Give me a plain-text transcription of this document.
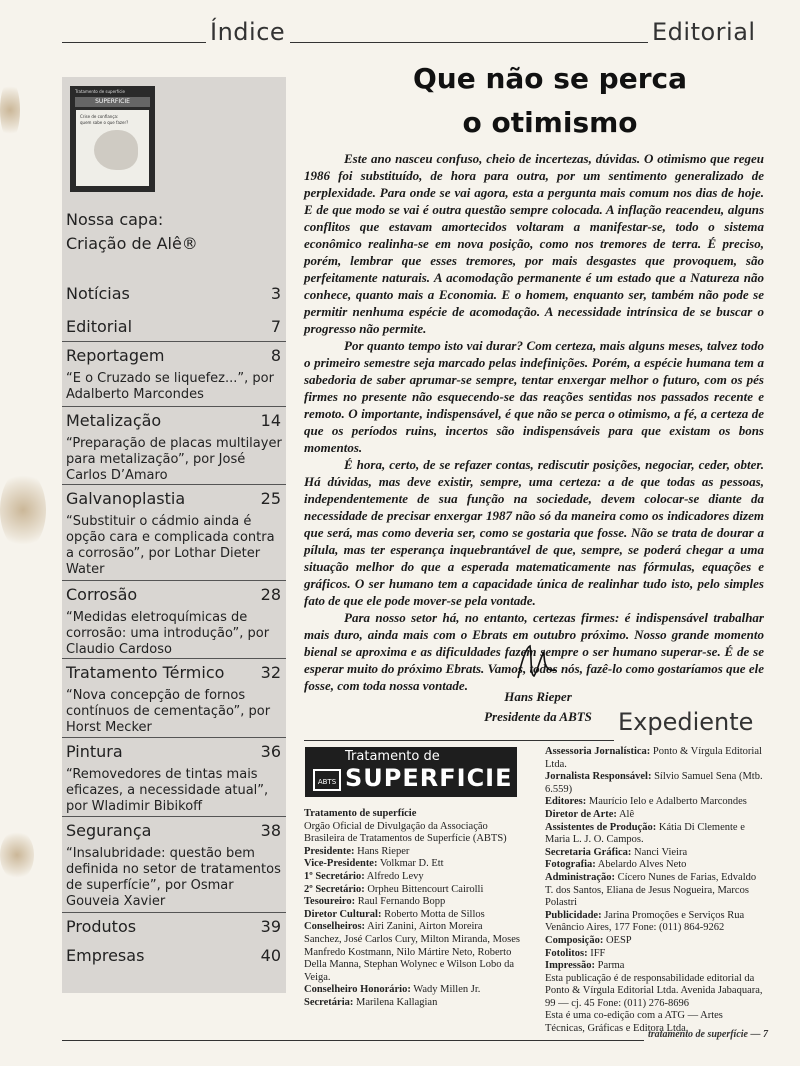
Índice	Editorial
Tratamento de superfície
SUPERFICIE
Crise de confiança:
quem sabe o que fazer?
Nossa capa:
Criação de Alê®
Notícias	3
Editorial	7
Reportagem	8
“E o Cruzado se liquefez...”, por Adalberto Marcondes
Metalização	14
“Preparação de placas multilayer para metalização”, por José Carlos D’Amaro
Galvanoplastia	25
“Substituir o cádmio ainda é opção cara e complicada contra a corrosão”, por Lothar Dieter Water
Corrosão	28
“Medidas eletroquímicas de corrosão: uma introdução”, por Claudio Cardoso
Tratamento Térmico 32
“Nova concepção de fornos contínuos de cementação”, por Horst Mecker
Pintura	36
“Removedores de tintas mais eficazes, a necessidade atual”, por Wladimir Bibikoff
Segurança	38
“Insalubridade: questão bem definida no setor de tratamentos de superfície”, por Osmar Gouveia Xavier
Produtos	39
Empresas	40
Que não se perca
o otimismo

Este ano nasceu confuso, cheio de incertezas, dúvidas. O otimismo que regeu 1986 foi substituído, de hora para outra, por um sentimento generalizado de perplexidade. Para onde se vai agora, esta a pergunta mais comum nos dias de hoje. E de que modo se vai é outra questão sempre colocada. A inflação reacendeu, alguns conflitos que estavam amortecidos voltaram a manifestar-se, todo o sistema econômico realinha-se em nova posição, como nos tremores de terra. É preciso, porém, lembrar que esses tremores, por mais desgastes que provoquem, são perfeitamente naturais. A acomodação permanente é um estado que a Natureza não conhece, quanto mais a Economia. E o homem, enquanto ser, também não pode se permitir nenhuma espécie de acomodação. A necessidade intrínsica de se buscar o progresso não permite.

Por quanto tempo isto vai durar? Com certeza, mais alguns meses, talvez todo o primeiro semestre seja marcado pelas indefinições. Porém, a espécie humana tem a sabedoria de saber aprumar-se sempre, tentar enxergar melhor o futuro, com os pés firmes no presente não esquecendo-se das reações sentidas nos passados recente e remoto. O importante, indispensável, é que não se perca o otimismo, a fé, a certeza de que os períodos ruins, incertos são indispensáveis para que existam os bons momentos.

É hora, certo, de se refazer contas, rediscutir posições, negociar, ceder, obter. Há dúvidas, mas deve existir, sempre, uma certeza: a de que todas as pessoas, independentemente de sua função na sociedade, devem colocar-se diante da necessidade de precisar enxergar 1987 não só da maneira como os indicadores dizem que será, mas como deveria ser, como se gostaria que fosse. Não se trata de dourar a pílula, mas ter esperança inquebrantável de que, sempre, se poderá chegar a uma situação melhor do que a esperada matematicamente nas fórmulas, equações e gráficos. O ser humano tem a capacidade única de realinhar tudo isto, pelo simples fato de que ele pode mover-se pela vontade.

Para nosso setor há, no entanto, certezas firmes: é indispensável trabalhar mais duro, ainda mais com o Ebrats em outubro próximo. Nosso grande momento bienal se aproxima e as dificuldades fazem sempre o ser humano superar-se. É de se esperar muito do próximo Ebrats. Vamos, todos nós, fazê-lo como gostaríamos que ele fosse, com toda nossa vontade.

Hans Rieper
Presidente da ABTS	Expediente
Tratamento de
ABTS SUPERFICIE
Tratamento de superfície
Orgão Oficial de Divulgação da Associação Brasileira de Tratamentos de Superfície (ABTS)
Presidente: Hans Rieper
Vice-Presidente: Volkmar D. Ett
1º Secretário: Alfredo Levy
2º Secretário: Orpheu Bittencourt Cairolli
Tesoureiro: Raul Fernando Bopp
Diretor Cultural: Roberto Motta de Sillos
Conselheiros: Airi Zanini, Airton Moreira Sanchez, José Carlos Cury, Milton Miranda, Moses Manfredo Kostmann, Nilo Mártire Neto, Roberto Della Manna, Stephan Wolynec e Wilson Lobo da Veiga.
Conselheiro Honorário: Wady Millen Jr.
Secretária: Marilena Kallagian
Assessoria Jornalística: Ponto & Vírgula Editorial Ltda.
Jornalista Responsável: Sílvio Samuel Sena (Mtb. 6.559)
Editores: Maurício Ielo e Adalberto Marcondes
Diretor de Arte: Alê
Assistentes de Produção: Kátia Di Clemente e Maria L. J. O. Campos.
Secretaria Gráfica: Nanci Vieira
Fotografia: Abelardo Alves Neto
Administração: Cícero Nunes de Farias, Edvaldo T. dos Santos, Eliana de Jesus Nogueira, Marcos Polastri
Publicidade: Jarina Promoções e Serviços Rua Venâncio Aires, 177 Fone: (011) 864-9262
Composição: OESP
Fotolitos: IFF
Impressão: Parma
Esta publicação é de responsabilidade editorial da Ponto & Vírgula Editorial Ltda. Avenida Jabaquara, 99 — cj. 45 Fone: (011) 276-8696
Esta é uma co-edição com a ATG — Artes Técnicas, Gráficas e Editora Ltda.
tratamento de superfície — 7
